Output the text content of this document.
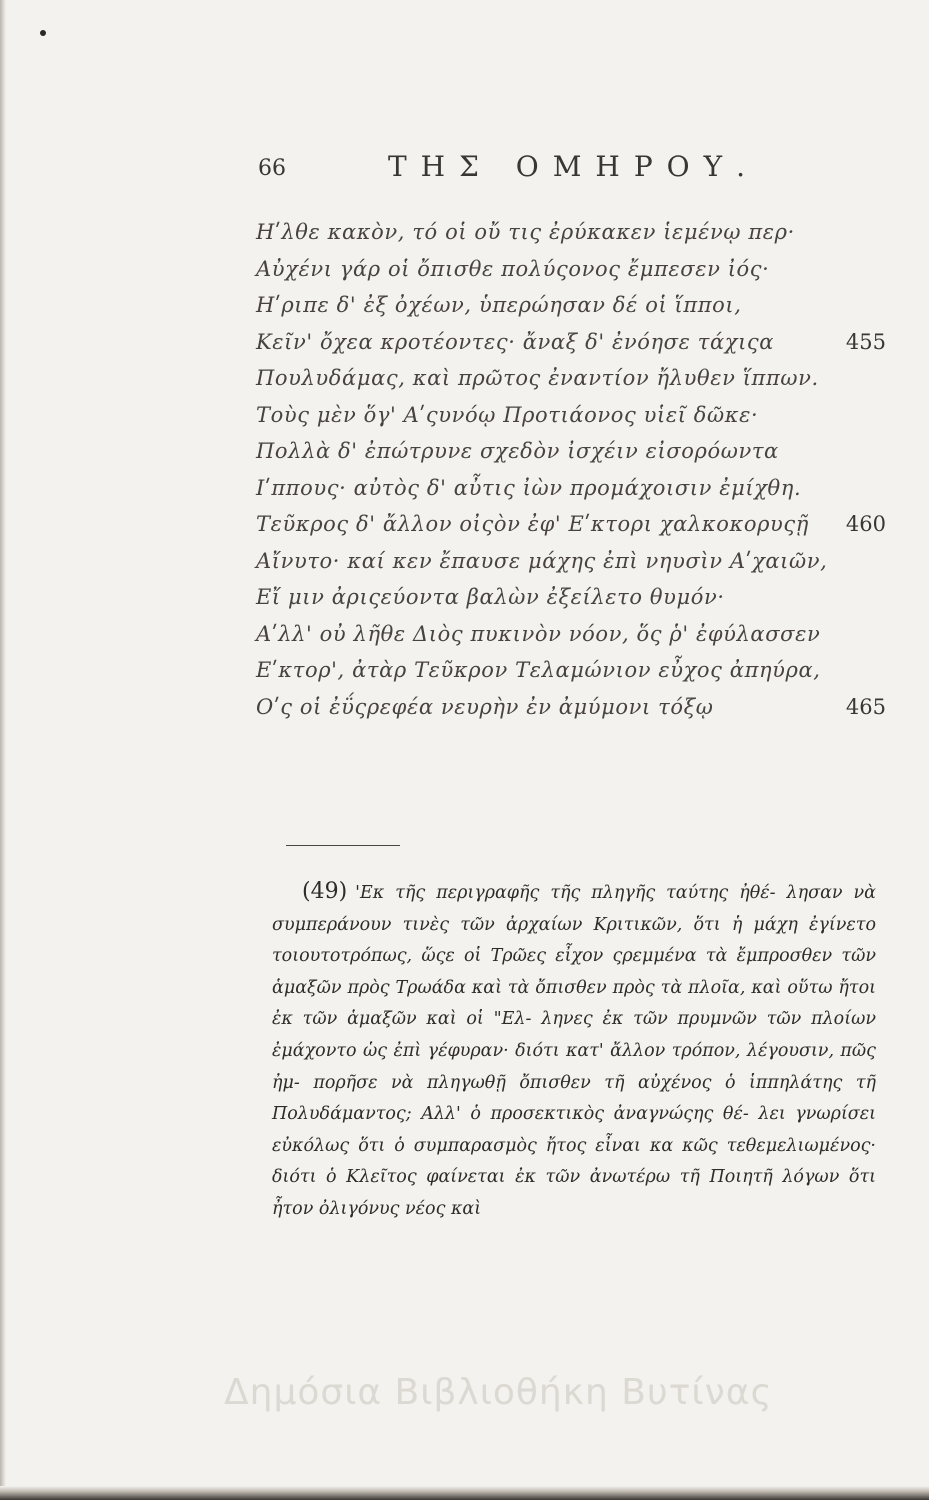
66	ΤΗΣ ΟΜΗΡΟΥ.
Ηʹλθε κακὸν, τό οἱ οὔ τις ἐρύκακεν ἱεμένῳ περ·
Αὐχένι γάρ οἱ ὄπισθε πολύςονος ἔμπεσεν ἰός·
Ηʹριπε δ' ἐξ ὀχέων, ὑπερώησαν δέ οἱ ἵπποι,
Κεῖν' ὄχεα κροτέοντες· ἄναξ δ' ἐνόησε τάχιςα	455
Πουλυδάμας, καὶ πρῶτος ἐναντίον ἤλυθεν ἵππων.
Τοὺς μὲν ὅγ' Αʹςυνόῳ Προτιάονος υἱεῖ δῶκε·
Πολλὰ δ' ἐπώτρυνε σχεδὸν ἰσχέιν εἰσορόωντα
Ιʹππους· αὐτὸς δ' αὖτις ἰὼν προμάχοισιν ἐμίχθη.
Τεῦκρος δ' ἄλλον οἰςὸν ἐφ' Εʹκτορι χαλκοκορυςῇ 460
Αἴνυτο· καί κεν ἔπαυσε μάχης ἐπὶ νηυσὶν Αʹχαιῶν,
Εἴ μιν ἀριςεύοντα βαλὼν ἐξείλετο θυμόν·
Αʹλλ' οὐ λῆθε Διὸς πυκινὸν νόον, ὅς ῥ' ἐφύλασσεν
Εʹκτορ', ἀτὰρ Τεῦκρον Τελαμώνιον εὖχος ἀπηύρα,
Οʹς οἱ ἐΰςρεφέα νευρὴν ἐν ἀμύμονι τόξῳ	465
(49) 'Εκ τῆς περιγραφῆς τῆς πληγῆς ταύτης ἠθέ- λησαν νὰ συμπεράνουν τινὲς τῶν ἀρχαίων Κριτικῶν, ὅτι ἡ μάχη ἐγίνετο τοιουτοτρόπως, ὥςε οἱ Τρῶες εἶχον ςρεμμένα τὰ ἔμπροσθεν τῶν ἁμαξῶν πρὸς Τρωάδα καὶ τὰ ὄπισθεν πρὸς τὰ πλοῖα, καὶ οὕτω ἤτοι ἐκ τῶν ἁμαξῶν καὶ οἱ "Ελ- ληνες ἐκ τῶν πρυμνῶν τῶν πλοίων ἐμάχοντο ὡς ἐπὶ γέφυραν· διότι κατ' ἄλλον τρόπον, λέγουσιν, πῶς ἠμ- πορῆσε νὰ πληγωθῇ ὄπισθεν τῆ αὐχένος ὁ ἱππηλάτης τῆ Πολυδάμαντος; Αλλ' ὁ προσεκτικὸς ἀναγνώςης θέ- λει γνωρίσει εὐκόλως ὅτι ὁ συμπαρασμὸς ἤτος εἶναι κα κῶς τεθεμελιωμένος· διότι ὁ Κλεῖτος φαίνεται ἐκ τῶν ἀνωτέρω τῆ Ποιητῆ λόγων ὅτι ἦτον ὀλιγόνυς νέος καὶ
Δημόσια Βιβλιοθήκη Βυτίνας
